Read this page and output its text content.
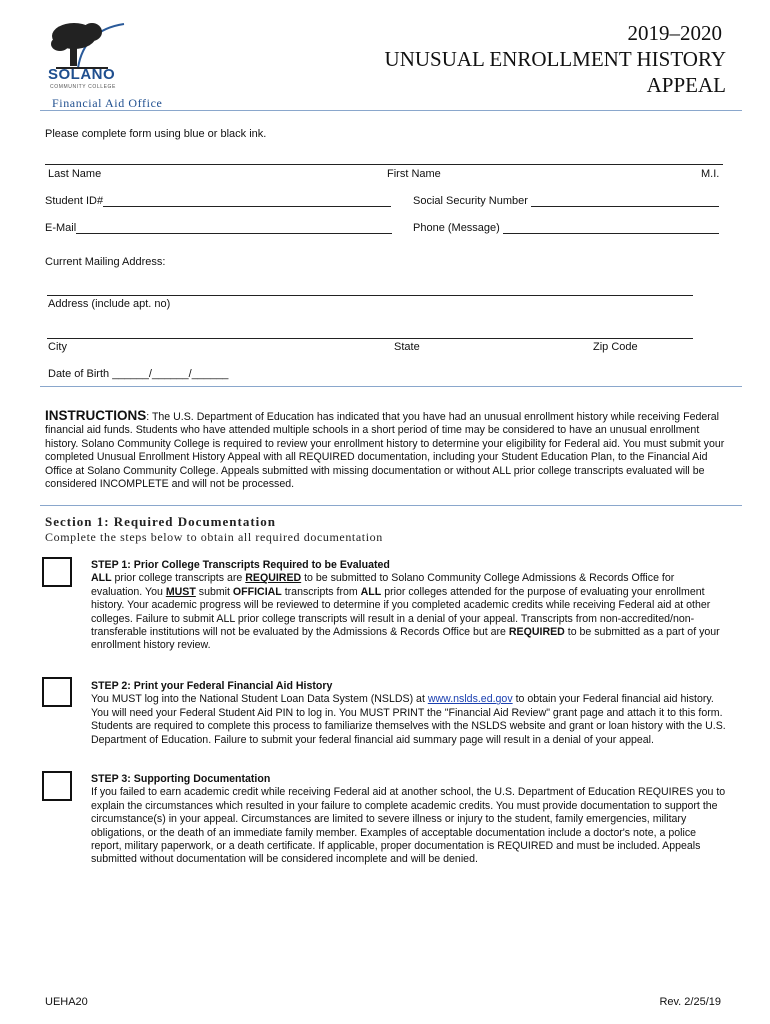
SOLANO
COMMUNITY COLLEGE
Financial Aid Office
2019–2020
UNUSUAL ENROLLMENT HISTORY
APPEAL
Please complete form using blue or black ink.
Last Name	First Name	M.I.
Student ID#	Social Security Number
E-Mail	Phone (Message)
Current Mailing Address:
Address (include apt. no)
City	State	Zip Code
Date of Birth ______/______/______

INSTRUCTIONS: The U.S. Department of Education has indicated that you have had an unusual enrollment history while receiving Federal financial aid funds. Students who have attended multiple schools in a short period of time may be considered to have an unusual enrollment history. Solano Community College is required to review your enrollment history to determine your eligibility for Federal aid. You must submit your completed Unusual Enrollment History Appeal with all REQUIRED documentation, including your Student Education Plan, to the Financial Aid Office at Solano Community College. Appeals submitted with missing documentation or without ALL prior college transcripts evaluated will be considered INCOMPLETE and will not be processed.

Section 1: Required Documentation
Complete the steps below to obtain all required documentation

STEP 1: Prior College Transcripts Required to be Evaluated
ALL prior college transcripts are REQUIRED to be submitted to Solano Community College Admissions & Records Office for evaluation. You MUST submit OFFICIAL transcripts from ALL prior colleges attended for the purpose of evaluating your enrollment history. Your academic progress will be reviewed to determine if you completed academic credits while receiving Federal aid at other colleges. Failure to submit ALL prior college transcripts will result in a denial of your appeal. Transcripts from non-accredited/non- transferable institutions will not be evaluated by the Admissions & Records Office but are REQUIRED to be submitted as a part of your enrollment history review.

STEP 2: Print your Federal Financial Aid History
You MUST log into the National Student Loan Data System (NSLDS) at www.nslds.ed.gov to obtain your Federal financial aid history. You will need your Federal Student Aid PIN to log in. You MUST PRINT the "Financial Aid Review" grant page and attach it to this form. Students are required to complete this process to familiarize themselves with the NSLDS website and grant or loan history with the U.S. Department of Education. Failure to submit your federal financial aid summary page will result in a denial of your appeal.

STEP 3: Supporting Documentation
If you failed to earn academic credit while receiving Federal aid at another school, the U.S. Department of Education REQUIRES you to explain the circumstances which resulted in your failure to complete academic credits. You must provide documentation to support the circumstance(s) in your appeal. Circumstances are limited to severe illness or injury to the student, family emergencies, military obligations, or the death of an immediate family member. Examples of acceptable documentation include a doctor's note, a police report, military paperwork, or a death certificate. If applicable, proper documentation is REQUIRED and must be included. Appeals submitted without documentation will be considered incomplete and will be denied.

UEHA20	Rev. 2/25/19
